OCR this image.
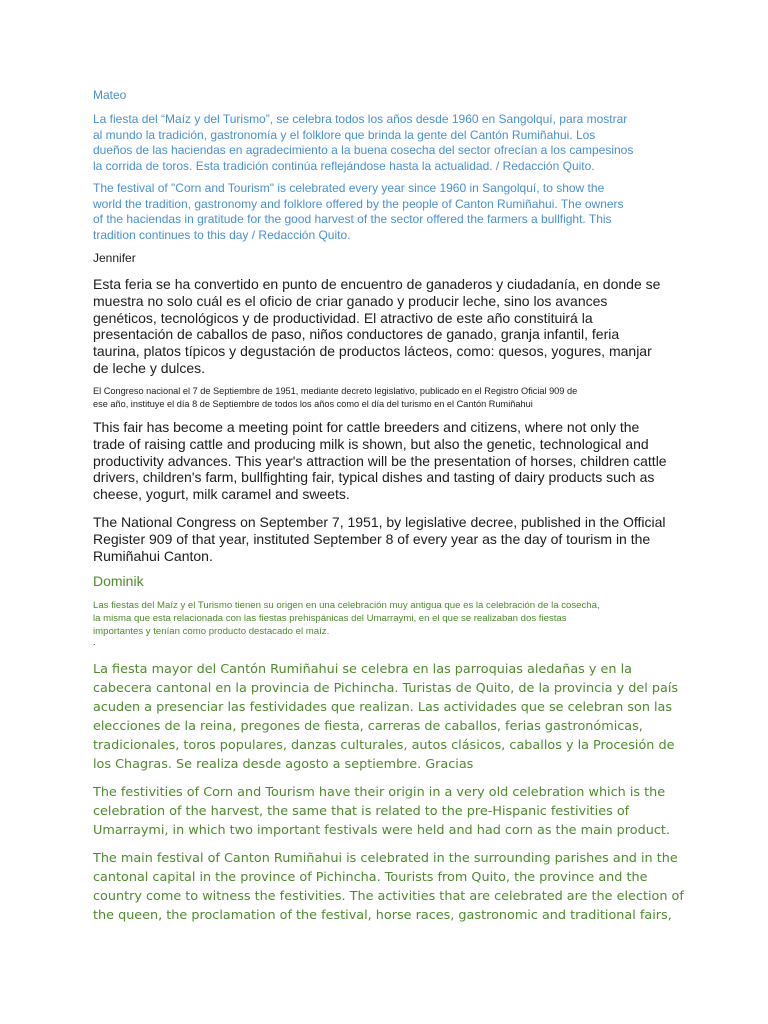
Mateo
La fiesta del “Maíz y del Turismo”, se celebra todos los años desde 1960 en Sangolquí, para mostrar
al mundo la tradición, gastronomía y el folklore que brinda la gente del Cantón Rumiñahui. Los
dueños de las haciendas en agradecimiento a la buena cosecha del sector ofrecían a los campesinos
la corrida de toros. Esta tradición continúa reflejándose hasta la actualidad. / Redacción Quito.
The festival of "Corn and Tourism" is celebrated every year since 1960 in Sangolquí, to show the
world the tradition, gastronomy and folklore offered by the people of Canton Rumiñahui. The owners
of the haciendas in gratitude for the good harvest of the sector offered the farmers a bullfight. This
tradition continues to this day / Redacción Quito.
Jennifer
Esta feria se ha convertido en punto de encuentro de ganaderos y ciudadanía, en donde se
muestra no solo cuál es el oficio de criar ganado y producir leche, sino los avances
genéticos, tecnológicos y de productividad. El atractivo de este año constituirá la
presentación de caballos de paso, niños conductores de ganado, granja infantil, feria
taurina, platos típicos y degustación de productos lácteos, como: quesos, yogures, manjar
de leche y dulces.
El Congreso nacional el 7 de Septiembre de 1951, mediante decreto legislativo, publicado en el Registro Oficial 909 de
ese año, instituye el día 8 de Septiembre de todos los años como el día del turismo en el Cantón Rumiñahui
This fair has become a meeting point for cattle breeders and citizens, where not only the
trade of raising cattle and producing milk is shown, but also the genetic, technological and
productivity advances. This year's attraction will be the presentation of horses, children cattle
drivers, children's farm, bullfighting fair, typical dishes and tasting of dairy products such as
cheese, yogurt, milk caramel and sweets.
The National Congress on September 7, 1951, by legislative decree, published in the Official
Register 909 of that year, instituted September 8 of every year as the day of tourism in the
Rumiñahui Canton.
Dominik
Las fiestas del Maíz y el Turismo tienen su origen en una celebración muy antigua que es la celebración de la cosecha,
la misma que esta relacionada con las fiestas prehispánicas del Umarraymi, en el que se realizaban dos fiestas
importantes y tenían como producto destacado el maíz.
.
La fiesta mayor del Cantón Rumiñahui se celebra en las parroquias aledañas y en la
cabecera cantonal en la provincia de Pichincha. Turistas de Quito, de la provincia y del país
acuden a presenciar las festividades que realizan. Las actividades que se celebran son las
elecciones de la reina, pregones de fiesta, carreras de caballos, ferias gastronómicas,
tradicionales, toros populares, danzas culturales, autos clásicos, caballos y la Procesión de
los Chagras. Se realiza desde agosto a septiembre. Gracias
The festivities of Corn and Tourism have their origin in a very old celebration which is the
celebration of the harvest, the same that is related to the pre-Hispanic festivities of
Umarraymi, in which two important festivals were held and had corn as the main product.
The main festival of Canton Rumiñahui is celebrated in the surrounding parishes and in the
cantonal capital in the province of Pichincha. Tourists from Quito, the province and the
country come to witness the festivities. The activities that are celebrated are the election of
the queen, the proclamation of the festival, horse races, gastronomic and traditional fairs,
